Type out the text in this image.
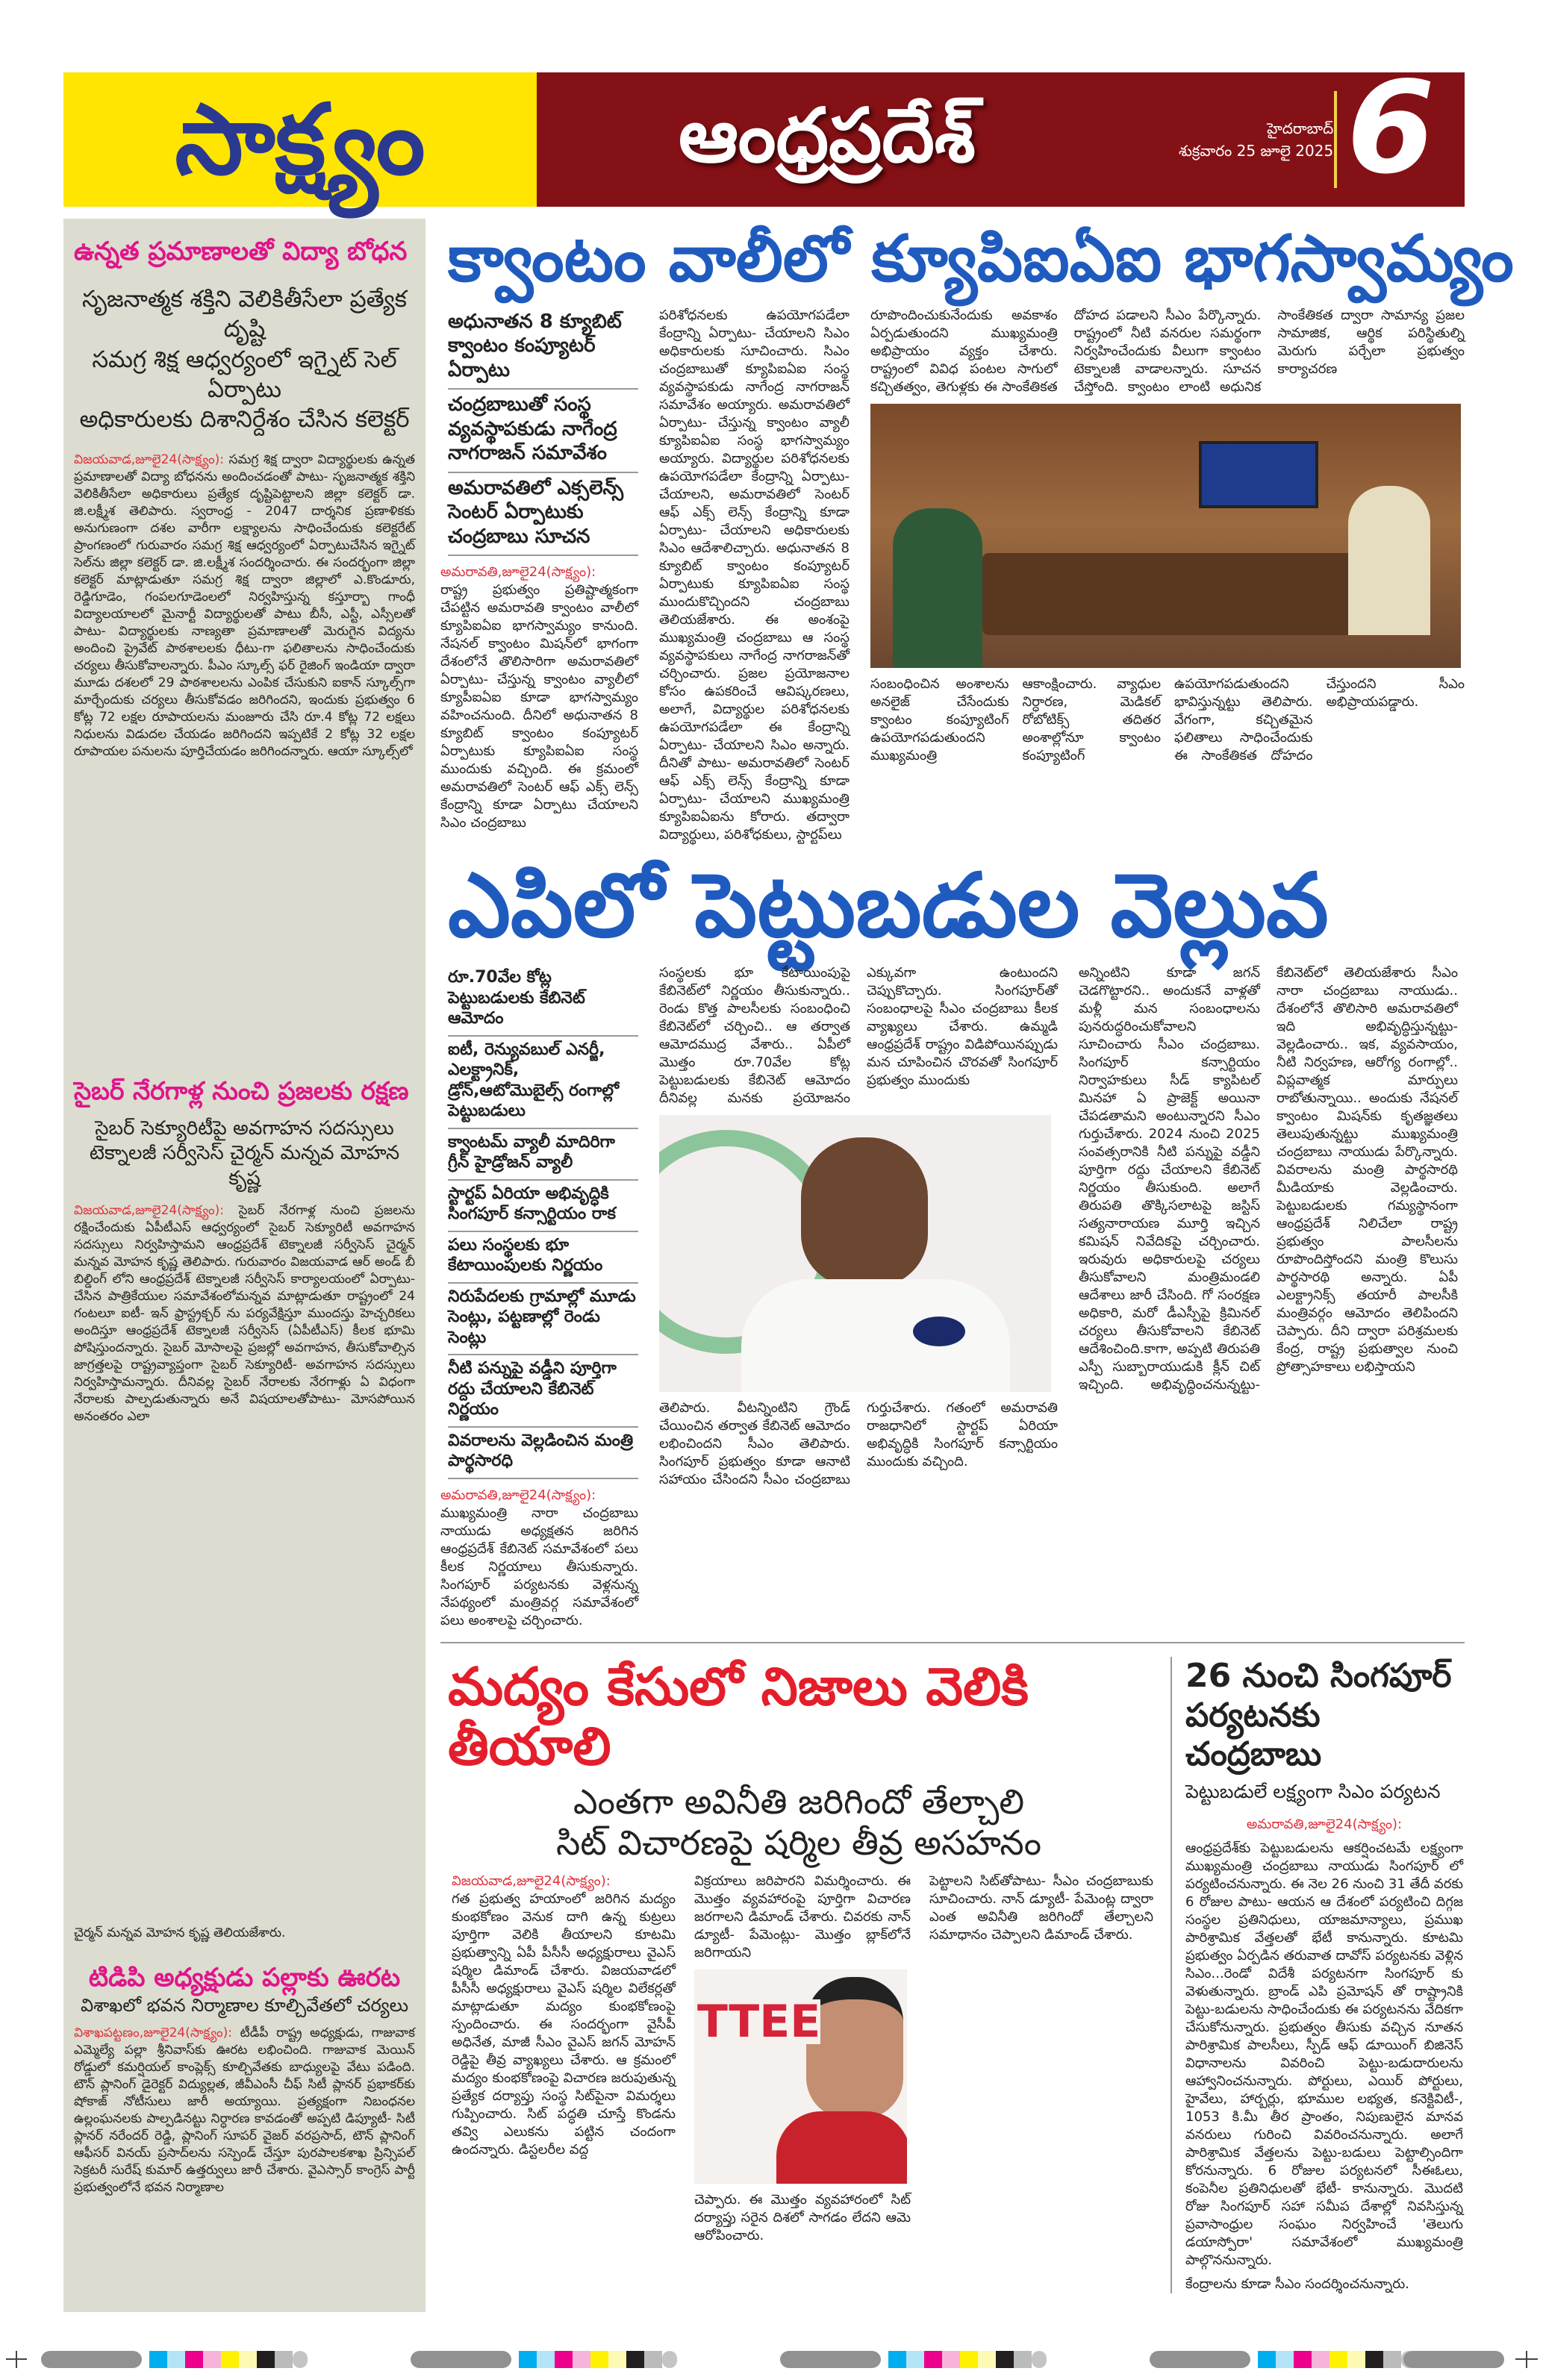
సాక్ష్యం	ఆంధ్రప్రదేశ్	హైదరాబాద్
శుక్రవారం 25 జూలై 2025 6
ఉన్నత ప్రమాణాలతో విద్యా బోధన
సృజనాత్మక శక్తిని వెలికితీసేలా ప్రత్యేక దృష్టి
సమగ్ర శిక్ష ఆధ్వర్యంలో ఇగ్నైట్ సెల్ ఏర్పాటు
అధికారులకు దిశానిర్దేశం చేసిన కలెక్టర్

విజయవాడ,జూలై24(సాక్ష్యం): సమగ్ర శిక్ష ద్వారా విద్యార్థులకు ఉన్నత ప్రమాణాలతో విద్యా బోధనను అందించడంతో పాటు- సృజనాత్మక శక్తిని వెలికితీసేలా అధికారులు ప్రత్యేక దృష్టిపెట్టాలని జిల్లా కలెక్టర్ డా. జి.లక్ష్మీశ తెలిపారు. స్వరాంధ్ర - 2047 దార్శనిక ప్రణాళికకు అనుగుణంగా దశల వారీగా లక్ష్యాలను సాధించేందుకు కలెక్టరేట్ ప్రాంగణంలో గురువారం సమగ్ర శిక్ష ఆధ్వర్యంలో ఏర్పాటుచేసిన ఇగ్నైట్ సెల్‌ను జిల్లా కలెక్టర్ డా. జి.లక్ష్మీశ సందర్శించారు. ఈ సందర్భంగా జిల్లా కలెక్టర్ మాట్లాడుతూ సమగ్ర శిక్ష ద్వారా జిల్లాలో ఎ.కొండూరు, రెడ్డిగూడెం, గంపలగూడెంలలో నిర్వహిస్తున్న కస్తూర్బా గాంధీ విద్యాలయాలలో మైనార్టీ విద్యార్థులతో పాటు బీసీ, ఎస్టీ, ఎస్సీలతో పాటు- విద్యార్థులకు నాణ్యతా ప్రమాణాలతో మెరుగైన విద్యను అందించి ప్రైవేట్ పాఠశాలలకు ధీటు-గా ఫలితాలను సాధించేందుకు చర్యలు తీసుకోవాలన్నారు. పీఎం స్కూల్స్ ఫర్ రైజింగ్ ఇండియా ద్వారా మూడు దశలలో 29 పాఠశాలలను ఎంపిక చేసుకుని ఐకాన్ స్కూల్స్‌గా మార్చేందుకు చర్యలు తీసుకోవడం జరిగిందని, ఇందుకు ప్రభుత్వం 6 కోట్ల 72 లక్షల రూపాయలను మంజూరు చేసి రూ.4 కోట్ల 72 లక్షలు నిధులను విడుదల చేయడం జరిగిందని ఇప్పటికే 2 కోట్ల 32 లక్షల రూపాయల పనులను పూర్తిచేయడం జరిగిందన్నారు. ఆయా స్కూల్స్‌లో

సైబర్ నేరగాళ్ల నుంచి ప్రజలకు రక్షణ
సైబర్ సెక్యూరిటీపై అవగాహన సదస్సులు
టెక్నాలజీ సర్వీసెస్ చైర్మన్ మన్నవ మోహన కృష్ణ

విజయవాడ,జూలై24(సాక్ష్యం): సైబర్ నేరగాళ్ల నుంచి ప్రజలను రక్షించేందుకు ఏపీటీఎస్ ఆధ్వర్యంలో సైబర్ సెక్యూరిటీ అవగాహన సదస్సులు నిర్వహిస్తామని ఆంధ్రప్రదేశ్ టెక్నాలజీ సర్వీసెస్ చైర్మన్ మన్నవ మోహన కృష్ణ తెలిపారు. గురువారం విజయవాడ ఆర్ అండ్ బీ బిల్డింగ్ లోని ఆంధ్రప్రదేశ్ టెక్నాలజీ సర్వీసెస్ కార్యాలయంలో ఏర్పాటు- చేసిన పాత్రికేయుల సమావేశంలోమన్నవ మాట్లాడుతూ రాష్ట్రంలో 24 గంటలూ ఐటీ- ఇన్ ఫ్రాస్ట్రక్చర్ ను పర్యవేక్షిస్తూ ముందస్తు హెచ్చరికలు అందిస్తూ ఆంధ్రప్రదేశ్ టెక్నాలజీ సర్వీసెస్ (ఏపీటీఎస్) కీలక భూమి పోషిస్తుందన్నారు. సైబర్ మోసాలపై ప్రజల్లో అవగాహన, తీసుకోవాల్సిన జాగ్రత్తలపై రాష్ట్రవ్యాప్తంగా సైబర్ సెక్యూరిటీ- అవగాహన సదస్సులు నిర్వహిస్తామన్నారు. దీనివల్ల సైబర్ నేరాలకు నేరగాళ్లు ఏ విధంగా నేరాలకు పాల్పడుతున్నారు అనే విషయాలతోపాటు- మోసపోయిన అనంతరం ఎలా

చైర్మన్ మన్నవ మోహన కృష్ణ తెలియజేశారు.

టిడిపి అధ్యక్షుడు పల్లాకు ఊరట
విశాఖలో భవన నిర్మాణాల కూల్చివేతలో చర్యలు

విశాఖపట్టణం,జూలై24(సాక్ష్యం): టీడీపీ రాష్ట్ర అధ్యక్షుడు, గాజువాక ఎమ్మెల్యే పల్లా శ్రీనివాస్‌కు ఊరట లభించింది. గాజువాక మెయిన్ రోడ్డులో కమర్షియల్ కాంప్లెక్స్ కూల్చివేతకు బాధ్యులపై వేటు పడింది. టౌన్ ప్లానింగ్ డైరెక్టర్ విద్యుల్లత, జీవీఎంసీ చీఫ్ సిటీ ప్లానర్ ప్రభాకర్‌కు షోకాజ్ నోటీసులు జారీ అయ్యాయి. ప్రత్యక్షంగా నిబంధనల ఉల్లంఘనలకు పాల్పడినట్టు నిర్ధారణ కావడంతో అప్పటి డిప్యూటీ- సిటీ ప్లానర్ నరేందర్ రెడ్డి, ప్లానింగ్ సూపర్ వైజర్ వరప్రసాద్, టౌన్ ప్లానింగ్ ఆఫీసర్ వినయ్ ప్రసాద్‌లను సస్పెండ్ చేస్తూ పురపాలకశాఖ ప్రిన్సిపల్ సెక్రటరీ సురేష్ కుమార్ ఉత్తర్వులు జారీ చేశారు. వైఎస్సార్ కాంగ్రెస్ పార్టీ ప్రభుత్వంలోనే భవన నిర్మాణాల

క్వాంటం వాలీలో క్యూపిఐఏఐ భాగస్వామ్యం
అధునాతన 8 క్యూబిట్ క్వాంటం కంప్యూటర్ ఏర్పాటు
చంద్రబాబుతో సంస్థ వ్యవస్థాపకుడు నాగేంద్ర నాగరాజన్ సమావేశం
అమరావతిలో ఎక్సలెన్స్ సెంటర్ ఏర్పాటుకు చంద్రబాబు సూచన
అమరావతి,జూలై24(సాక్ష్యం):
రాష్ట్ర ప్రభుత్వం ప్రతిష్టాత్మకంగా చేపట్టిన అమరావతి క్వాంటం వాలీలో క్యూపిఐఏఐ భాగస్వామ్యం కానుంది. నేషనల్ క్వాంటం మిషన్‌లో భాగంగా దేశంలోనే తొలిసారిగా అమరావతిలో ఏర్పాటు- చేస్తున్న క్వాంటం వ్యాలీలో క్యూపీఐఏఐ కూడా భాగస్వామ్యం వహించనుంది. దీనిలో అధునాతన 8 క్యూబిట్ క్వాంటం కంప్యూటర్ ఏర్పాటుకు క్యూపిఐఏఐ సంస్థ ముందుకు వచ్చింది. ఈ క్రమంలో అమరావతిలో సెంటర్ ఆఫ్ ఎక్స్ లెన్స్ కేంద్రాన్ని కూడా ఏర్పాటు చేయాలని సిఎం చంద్రబాబు
పరిశోధనలకు ఉపయోగపడేలా కేంద్రాన్ని ఏర్పాటు- చేయాలని సిఎం అధికారులకు సూచించారు. సిఎం చంద్రబాబుతో క్యూపిఐఏఐ సంస్థ వ్యవస్థాపకుడు నాగేంద్ర నాగరాజన్ సమావేశం అయ్యారు. అమరావతిలో ఏర్పాటు- చేస్తున్న క్వాంటం వ్యాలీ క్యూపిఐఏఐ సంస్థ భాగస్వామ్యం అయ్యారు. విద్యార్థుల పరిశోధనలకు ఉపయోగపడేలా కేంద్రాన్ని ఏర్పాటు- చేయాలని, అమరావతిలో సెంటర్ ఆఫ్ ఎక్స్ లెన్స్ కేంద్రాన్ని కూడా ఏర్పాటు- చేయాలని అధికారులకు సిఎం ఆదేశాలిచ్చారు. అధునాతన 8 క్యూబిట్ క్వాంటం కంప్యూటర్ ఏర్పాటుకు క్యూపిఐఏఐ సంస్థ ముందుకొచ్చిందని చంద్రబాబు తెలియజేశారు. ఈ అంశంపై ముఖ్యమంత్రి చంద్రబాబు ఆ సంస్థ వ్యవస్థాపకులు నాగేంద్ర నాగరాజన్‌తో చర్చించారు. ప్రజల ప్రయోజనాల కోసం ఉపకరించే ఆవిష్కరణలు, అలాగే, విద్యార్థుల పరిశోధనలకు ఉపయోగపడేలా ఈ కేంద్రాన్ని ఏర్పాటు- చేయాలని సిఎం అన్నారు. దీనితో పాటు- అమరావతిలో సెంటర్ ఆఫ్ ఎక్స్ లెన్స్ కేంద్రాన్ని కూడా ఏర్పాటు- చేయాలని ముఖ్యమంత్రి క్యూపిఐఏఐను కోరారు. తద్వారా విద్యార్థులు, పరిశోధకులు, స్టార్టప్‌లు
రూపొందించుకునేందుకు అవకాశం ఏర్పడుతుందని ముఖ్యమంత్రి అభిప్రాయం వ్యక్తం చేశారు. రాష్ట్రంలో వివిధ పంటల సాగులో కచ్చితత్వం, తెగుళ్లకు ఈ సాంకేతికత దోహద పడాలని సీఎం పేర్కొన్నారు. రాష్ట్రంలో నీటి వనరుల సమర్థంగా నిర్వహించేందుకు వీలుగా క్వాంటం టెక్నాలజీ వాడాలన్నారు. సూచన చేస్తోంది. క్వాంటం లాంటి అధునిక సాంకేతికత ద్వారా సామాన్య ప్రజల సామాజిక, ఆర్థిక పరిస్థితుల్ని మెరుగు పర్చేలా ప్రభుత్వం కార్యాచరణ
సంబంధించిన అంశాలను అనలైజ్ చేసేందుకు క్వాంటం కంప్యూటింగ్ ఉపయోగపడుతుందని ముఖ్యమంత్రి ఆకాంక్షించారు. వ్యాధుల నిర్ధారణ, మెడికల్ రోబోటిక్స్ తదితర అంశాల్లోనూ క్వాంటం కంప్యూటింగ్ ఉపయోగపడుతుందని భావిస్తున్నట్టు తెలిపారు. వేగంగా, కచ్చితమైన ఫలితాలు సాధించేందుకు ఈ సాంకేతికత దోహదం చేస్తుందని సీఎం అభిప్రాయపడ్డారు.
ఎపిలో పెట్టుబడుల వెల్లువ
రూ.70వేల కోట్ల పెట్టుబడులకు కేబినెట్ ఆమోదం
ఐటీ, రెన్యువబుల్ ఎనర్జీ, ఎలక్ట్రానిక్, డ్రోన్,ఆటోమొబైల్స్ రంగాల్లో పెట్టుబడులు
క్వాంటమ్ వ్యాలీ మాదిరిగా గ్రీన్ హైడ్రోజన్ వ్యాలీ
స్టార్టప్ ఏరియా అభివృద్ధికి సింగపూర్ కన్సార్టియం రాక
పలు సంస్థలకు భూ కేటాయింపులకు నిర్ణయం
నిరుపేదలకు గ్రామాల్లో మూడు సెంట్లు, పట్టణాల్లో రెండు సెంట్లు
నీటి పన్నుపై వడ్డీని పూర్తిగా రద్దు చేయాలని కేబినెట్ నిర్ణయం
వివరాలను వెల్లడించిన మంత్రి పార్థసారధి
అమరావతి,జూలై24(సాక్ష్యం):
ముఖ్యమంత్రి నారా చంద్రబాబు నాయుడు అధ్యక్షతన జరిగిన ఆంధ్రప్రదేశ్ కేబినెట్ సమావేశంలో పలు కీలక నిర్ణయాలు తీసుకున్నారు. సింగపూర్ పర్యటనకు వెళ్లనున్న నేపథ్యంలో మంత్రివర్గ సమావేశంలో పలు అంశాలపై చర్చించారు.
సంస్థలకు భూ కేటాయింపుపై కేబినెట్‌లో నిర్ణయం తీసుకున్నారు.. రెండు కొత్త పాలసీలకు సంబంధించి కేబినెట్‌లో చర్చించి.. ఆ తర్వాత ఆమోదముద్ర వేశారు.. ఏపీలో మొత్తం రూ.70వేల కోట్ల పెట్టుబడులకు కేబినెట్ ఆమోదం దీనివల్ల మనకు ప్రయోజనం ఎక్కువగా ఉంటుందని చెప్పుకొచ్చారు. సింగపూర్‌తో సంబంధాలపై సీఎం చంద్రబాబు కీలక వ్యాఖ్యలు చేశారు. ఉమ్మడి ఆంధ్రప్రదేశ్ రాష్ట్రం విడిపోయినప్పుడు మన చూపించిన చొరవతో సింగపూర్ ప్రభుత్వం ముందుకు
తెలిపారు. వీటన్నింటిని గ్రౌండ్ చేయించిన తర్వాత కేబినెట్ ఆమోదం లభించిందని సీఎం తెలిపారు. సింగపూర్ ప్రభుత్వం కూడా ఆనాటి సహాయం చేసిందని సీఎం చంద్రబాబు గుర్తుచేశారు. గతంలో అమరావతి రాజధానిలో స్టార్టప్ ఏరియా అభివృద్ధికి సింగపూర్ కన్సార్టియం ముందుకు వచ్చింది.
అన్నింటిని కూడా జగన్ చెడగొట్టారని.. అందుకనే వాళ్లతో మళ్లీ మన సంబంధాలను పునరుద్ధరించుకోవాలని సూచించారు సీఎం చంద్రబాబు. సింగపూర్ కన్సార్టియం నిర్వాహకులు సీడ్ క్యాపిటల్ మినహా ఏ ప్రాజెక్ట్ అయినా చేపడతామని అంటున్నారని సీఎం గుర్తుచేశారు. 2024 నుంచి 2025 సంవత్సరానికి నీటి పన్నుపై వడ్డీని పూర్తిగా రద్దు చేయాలని కేబినెట్ నిర్ణయం తీసుకుంది. అలాగే తిరుపతి తొక్కిసలాటపై జస్టిస్ సత్యనారాయణ మూర్తి ఇచ్చిన కమిషన్ నివేదికపై చర్చించారు. ఇరువురు అధికారులపై చర్యలు తీసుకోవాలని మంత్రిమండలి ఆదేశాలు జారీ చేసింది. గో సంరక్షణ అధికారి, మరో డీఎస్పీపై క్రిమినల్ చర్యలు తీసుకోవాలని కేబినెట్ ఆదేశించింది.కాగా, అప్పటి తిరుపతి ఎస్పీ సుబ్బారాయుడుకి క్లీన్ చిట్ ఇచ్చింది. అభివృద్ధించనున్నట్టు- కేబినెట్‌లో తెలియజేశారు సీఎం నారా చంద్రబాబు నాయుడు.. దేశంలోనే తొలిసారి అమరావతిలో ఇది అభివృద్ధిస్తున్నట్టు- వెల్లడించారు.. ఇక, వ్యవసాయం, నీటి నిర్వహణ, ఆరోగ్య రంగాల్లో.. విప్లవాత్మక మార్పులు రాబోతున్నాయి.. అందుకు నేషనల్ క్వాంటం మిషన్‌కు కృతజ్ఞతలు తెలుపుతున్నట్టు ముఖ్యమంత్రి చంద్రబాబు నాయుడు పేర్కొన్నారు. వివరాలను మంత్రి పార్థసారథి మీడియాకు వెల్లడించారు. పెట్టుబడులకు గమ్యస్థానంగా ఆంధ్రప్రదేశ్ నిలిచేలా రాష్ట్ర ప్రభుత్వం పాలసీలను రూపొందిస్తోందని మంత్రి కొలుసు పార్థసారథి అన్నారు. ఏపీ ఎలక్ట్రానిక్స్ తయారీ పాలసీకి మంత్రివర్గం ఆమోదం తెలిపిందని చెప్పారు. దీని ద్వారా పరిశ్రమలకు కేంద్ర, రాష్ట్ర ప్రభుత్వాల నుంచి ప్రోత్సాహకాలు లభిస్తాయని
మద్యం కేసులో నిజాలు వెలికి తీయాలి
ఎంతగా అవినీతి జరిగిందో తేల్చాలి
సిట్ విచారణపై షర్మిల తీవ్ర అసహనం
విజయవాడ,జూలై24(సాక్ష్యం):
గత ప్రభుత్వ హయాంలో జరిగిన మద్యం కుంభకోణం వెనుక దాగి ఉన్న కుట్రలు పూర్తిగా వెలికి తీయాలని కూటమి ప్రభుత్వాన్ని ఏపీ పీసీసీ అధ్యక్షురాలు వైఎస్ షర్మిల డిమాండ్ చేశారు. విజయవాడలో పీసీసీ అధ్యక్షురాలు వైఎస్ షర్మిల విలేకర్లతో మాట్లాడుతూ మద్యం కుంభకోణంపై స్పందించారు. ఈ సందర్భంగా వైసీపీ అధినేత, మాజీ సీఎం వైఎస్ జగన్ మోహన్ రెడ్డిపై తీవ్ర వ్యాఖ్యలు చేశారు. ఆ క్రమంలో మద్యం కుంభకోణంపై విచారణ జరుపుతున్న ప్రత్యేక దర్యాప్తు సంస్థ సిట్‌పైనా విమర్శలు గుప్పించారు. సిట్ పద్ధతి చూస్తే కొండను తవ్వి ఎలుకను పట్టిన చందంగా ఉందన్నారు. డిస్టలరీల వద్ద
విక్రయాలు జరిపారని విమర్శించారు. ఈ మొత్తం వ్యవహారంపై పూర్తిగా విచారణ జరగాలని డిమాండ్ చేశారు. చివరకు నాన్ డ్యూటీ- పేమెంట్లు- మొత్తం బ్లాక్‌లోనే జరిగాయని
TTEE
చెప్పారు. ఈ మొత్తం వ్యవహారంలో సిట్ దర్యాప్తు సరైన దిశలో సాగడం లేదని ఆమె ఆరోపించారు.
పెట్టాలని సిట్‌తోపాటు- సీఎం చంద్రబాబుకు సూచించారు. నాన్ డ్యూటీ- పేమెంట్ల ద్వారా ఎంత అవినీతి జరిగిందో తేల్చాలని సమాధానం చెప్పాలని డిమాండ్ చేశారు.
26 నుంచి సింగపూర్
పర్యటనకు చంద్రబాబు
పెట్టుబడులే లక్ష్యంగా సిఎం పర్యటన
అమరావతి,జూలై24(సాక్ష్యం):
ఆంధ్రప్రదేశ్‌కు పెట్టుబడులను ఆకర్షించటమే లక్ష్యంగా ముఖ్యమంత్రి చంద్రబాబు నాయుడు సింగపూర్ లో పర్యటించనున్నారు. ఈ నెల 26 నుంచి 31 తేదీ వరకు 6 రోజుల పాటు- ఆయన ఆ దేశంలో పర్యటించి దిగ్గజ సంస్థల ప్రతినిధులు, యాజమాన్యాలు, ప్రముఖ పారిశ్రామిక వేత్తలతో భేటీ కానున్నారు. కూటమి ప్రభుత్వం ఏర్పడిన తరువాత దావోస్ పర్యటనకు వెళ్లిన సిఎం...రెండో విదేశీ పర్యటనగా సింగపూర్ కు వెళుతున్నారు. బ్రాండ్ ఎపి ప్రమోషన్ తో రాష్ట్రానికి పెట్టు-బడులను సాధించేందుకు ఈ పర్యటనను వేదికగా చేసుకోనున్నారు. ప్రభుత్వం తీసుకు వచ్చిన నూతన పారిశ్రామిక పాలసీలు, స్పీడ్ ఆఫ్ డూయింగ్ బిజినెస్ విధానాలను వివరించి పెట్టు-బడుదారులను ఆహ్వానించనున్నారు. పోర్టులు, ఎయిర్ పోర్టులు, హైవేలు, హార్బర్లు, భూముల లభ్యత, కనెక్టివిటీ-, 1053 కి.మీ తీర ప్రాంతం, నిపుణులైన మానవ వనరులు గురించి వివరించనున్నారు. అలాగే పారిశ్రామిక వేత్తలను పెట్టు-బడులు పెట్టాల్సిందిగా కోరనున్నారు. 6 రోజుల పర్యటనలో సీఈఓలు, కంపెనీల ప్రతినిధులతో భేటీ- కానున్నారు. మొదటి రోజు సింగపూర్ సహా సమీప దేశాల్లో నివసిస్తున్న ప్రవాసాంధ్రుల సంఘం నిర్వహించే 'తెలుగు డయాస్పోరా' సమావేశంలో ముఖ్యమంత్రి పాల్గొననున్నారు.
కేంద్రాలను కూడా సీఎం సందర్శించనున్నారు.
